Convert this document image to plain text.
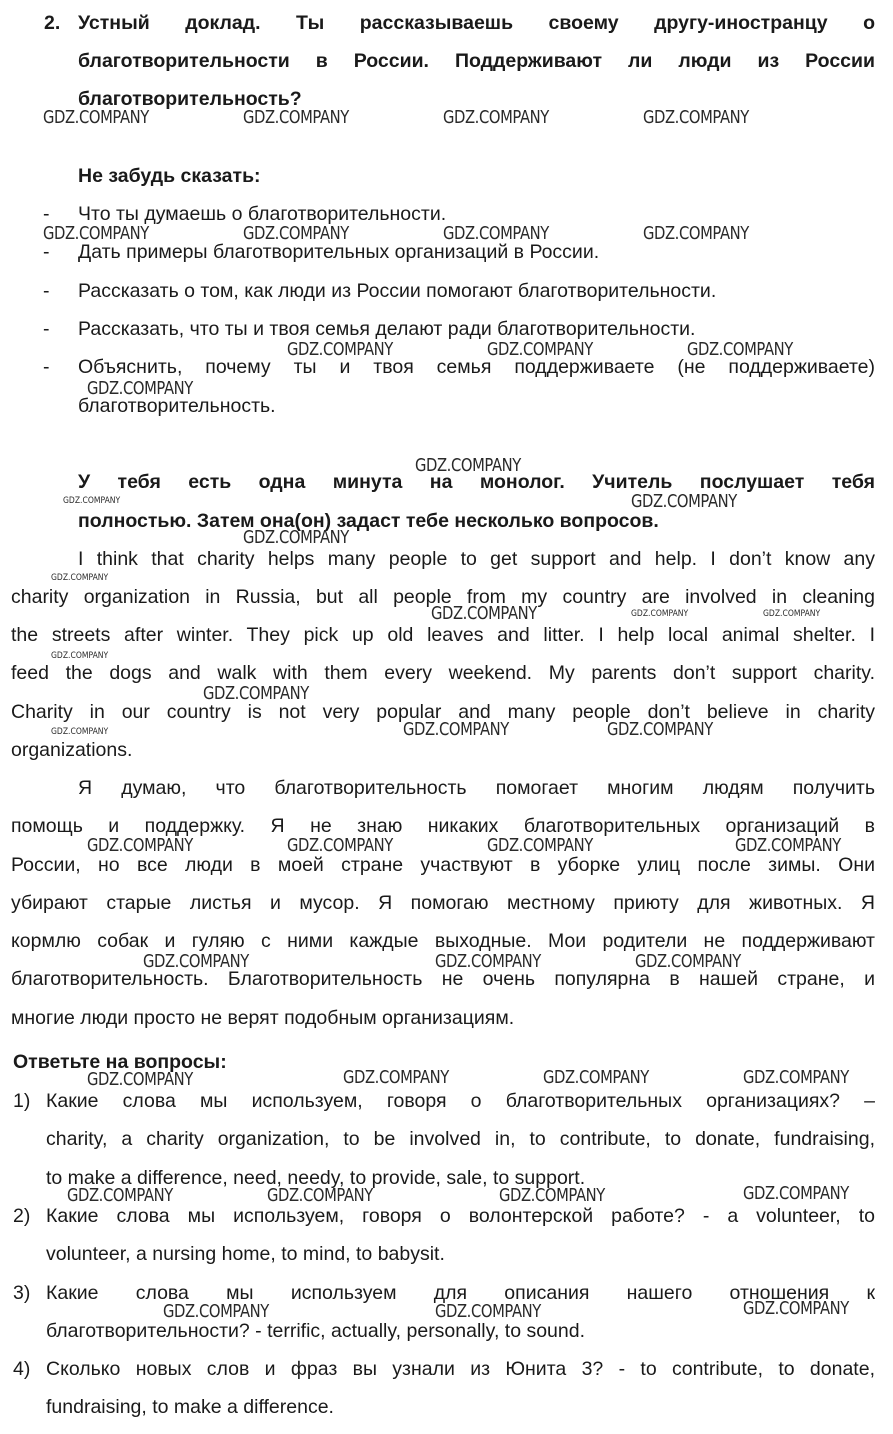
2. Устный доклад. Ты рассказываешь своему другу-иностранцу о
благотворительности в России. Поддерживают ли люди из России
благотворительность?
Не забудь сказать:
- Что ты думаешь о благотворительности.
- Дать примеры благотворительных организаций в России.
- Рассказать о том, как люди из России помогают благотворительности.
- Рассказать, что ты и твоя семья делают ради благотворительности.
- Объяснить, почему ты и твоя семья поддерживаете (не поддерживаете)
благотворительность.
У тебя есть одна минута на монолог. Учитель послушает тебя
полностью. Затем она(он) задаст тебе несколько вопросов.
I think that charity helps many people to get support and help. I don’t know any
charity organization in Russia, but all people from my country are involved in cleaning
the streets after winter. They pick up old leaves and litter. I help local animal shelter. I
feed the dogs and walk with them every weekend. My parents don’t support charity.
Charity in our country is not very popular and many people don’t believe in charity
organizations.
Я думаю, что благотворительность помогает многим людям получить
помощь и поддержку. Я не знаю никаких благотворительных организаций в
России, но все люди в моей стране участвуют в уборке улиц после зимы. Они
убирают старые листья и мусор. Я помогаю местному приюту для животных. Я
кормлю собак и гуляю с ними каждые выходные. Мои родители не поддерживают
благотворительность. Благотворительность не очень популярна в нашей стране, и
многие люди просто не верят подобным организациям.
Ответьте на вопросы:
1) Какие слова мы используем, говоря о благотворительных организациях? –
charity, a charity organization, to be involved in, to contribute, to donate, fundraising,
to make a difference, need, needy, to provide, sale, to support.
2) Какие слова мы используем, говоря о волонтерской работе? - a volunteer, to
volunteer, a nursing home, to mind, to babysit.
3) Какие слова мы используем для описания нашего отношения к
благотворительности? - terrific, actually, personally, to sound.
4) Сколько новых слов и фраз вы узнали из Юнита 3? - to contribute, to donate,
fundraising, to make a difference.
GDZ.COMPANY	GDZ.COMPANY	GDZ.COMPANY	GDZ.COMPANY
GDZ.COMPANY	GDZ.COMPANY	GDZ.COMPANY	GDZ.COMPANY
GDZ.COMPANY	GDZ.COMPANY	GDZ.COMPANY
GDZ.COMPANY
GDZ.COMPANY
GDZ.COMPANY	GDZ.COMPANY
GDZ.COMPANY
GDZ.COMPANY
GDZ.COMPANY	GDZ.COMPANY	GDZ.COMPANY
GDZ.COMPANY
GDZ.COMPANY
GDZ.COMPANY	GDZ.COMPANY	GDZ.COMPANY
GDZ.COMPANY	GDZ.COMPANY	GDZ.COMPANY	GDZ.COMPANY
GDZ.COMPANY	GDZ.COMPANY	GDZ.COMPANY
GDZ.COMPANY	GDZ.COMPANY	GDZ.COMPANY	GDZ.COMPANY
GDZ.COMPANY	GDZ.COMPANY	GDZ.COMPANY	GDZ.COMPANY
GDZ.COMPANY	GDZ.COMPANY	GDZ.COMPANY
